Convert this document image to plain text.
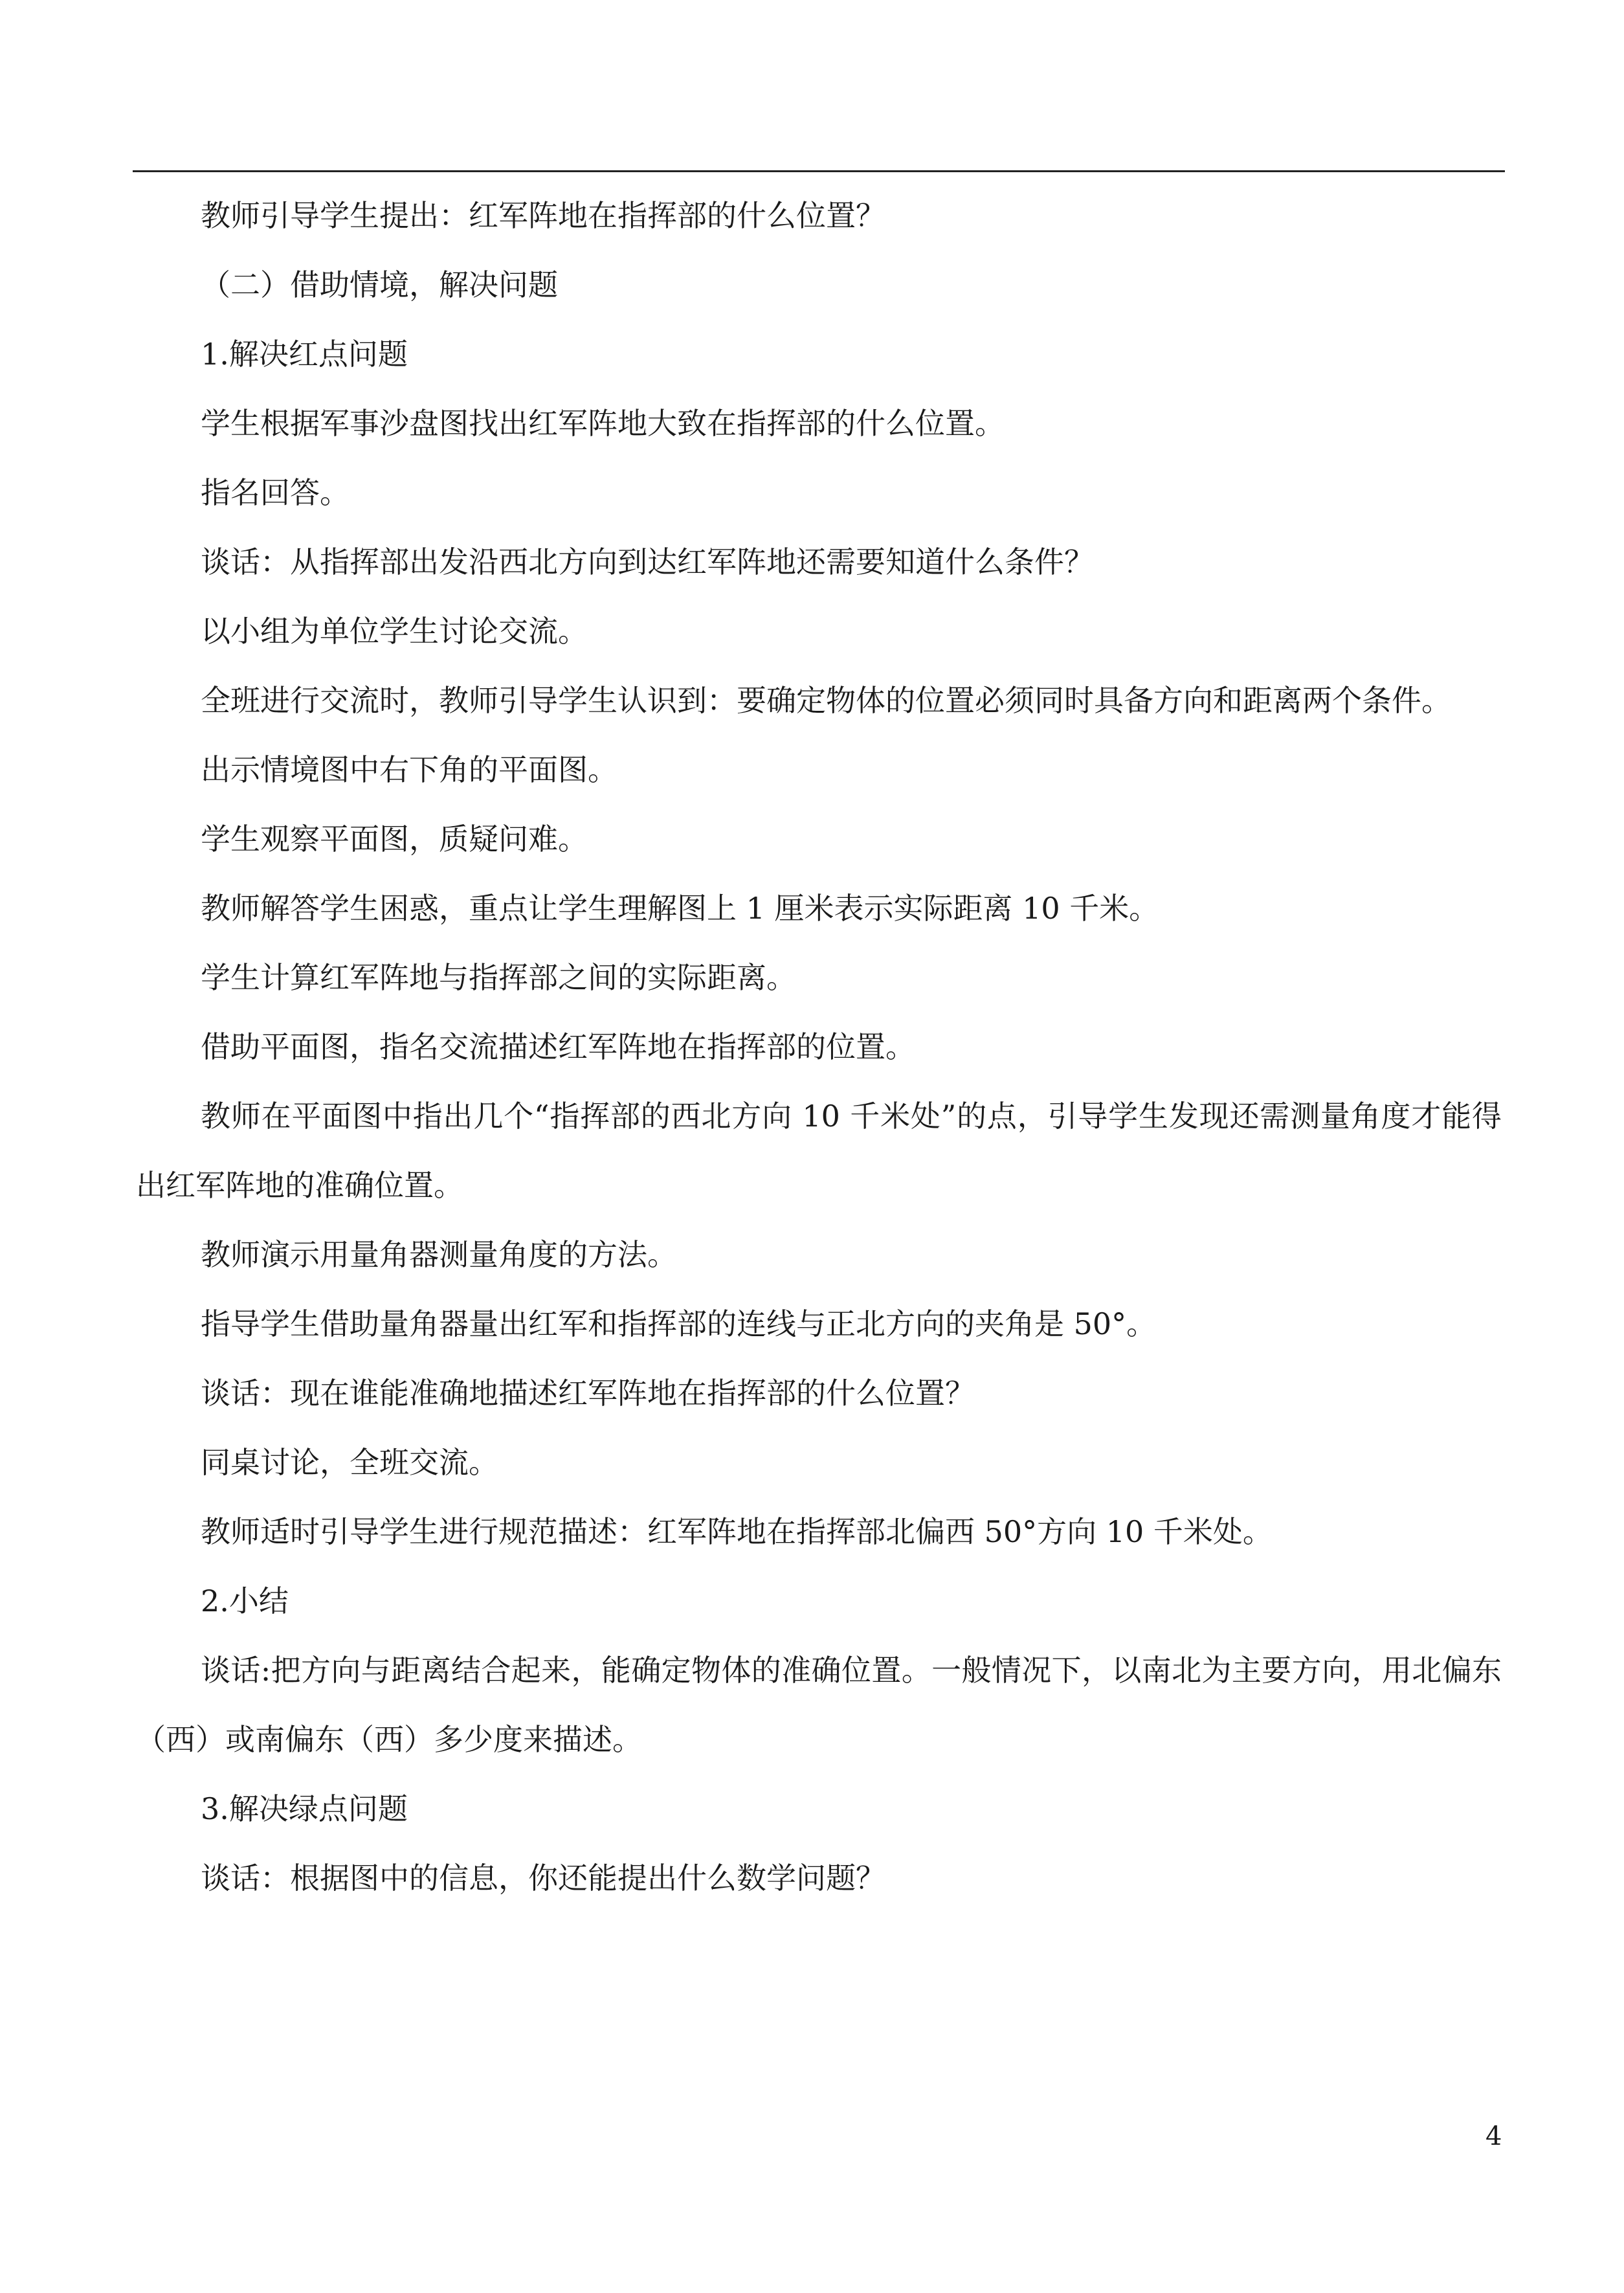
教师引导学生提出：红军阵地在指挥部的什么位置？

（二）借助情境，解决问题

1.解决红点问题

学生根据军事沙盘图找出红军阵地大致在指挥部的什么位置。

指名回答。

谈话：从指挥部出发沿西北方向到达红军阵地还需要知道什么条件？

以小组为单位学生讨论交流。

全班进行交流时，教师引导学生认识到：要确定物体的位置必须同时具备方向和距离两个条件。

出示情境图中右下角的平面图。

学生观察平面图，质疑问难。

教师解答学生困惑，重点让学生理解图上 1 厘米表示实际距离 10 千米。

学生计算红军阵地与指挥部之间的实际距离。

借助平面图，指名交流描述红军阵地在指挥部的位置。

教师在平面图中指出几个“指挥部的西北方向 10 千米处”的点，引导学生发现还需测量角度才能得出红军阵地的准确位置。

教师演示用量角器测量角度的方法。

指导学生借助量角器量出红军和指挥部的连线与正北方向的夹角是 50°。

谈话：现在谁能准确地描述红军阵地在指挥部的什么位置？

同桌讨论，全班交流。

教师适时引导学生进行规范描述：红军阵地在指挥部北偏西 50°方向 10 千米处。

2.小结

谈话:把方向与距离结合起来，能确定物体的准确位置。一般情况下，以南北为主要方向，用北偏东（西）或南偏东（西）多少度来描述。

3.解决绿点问题

谈话：根据图中的信息，你还能提出什么数学问题？

4
